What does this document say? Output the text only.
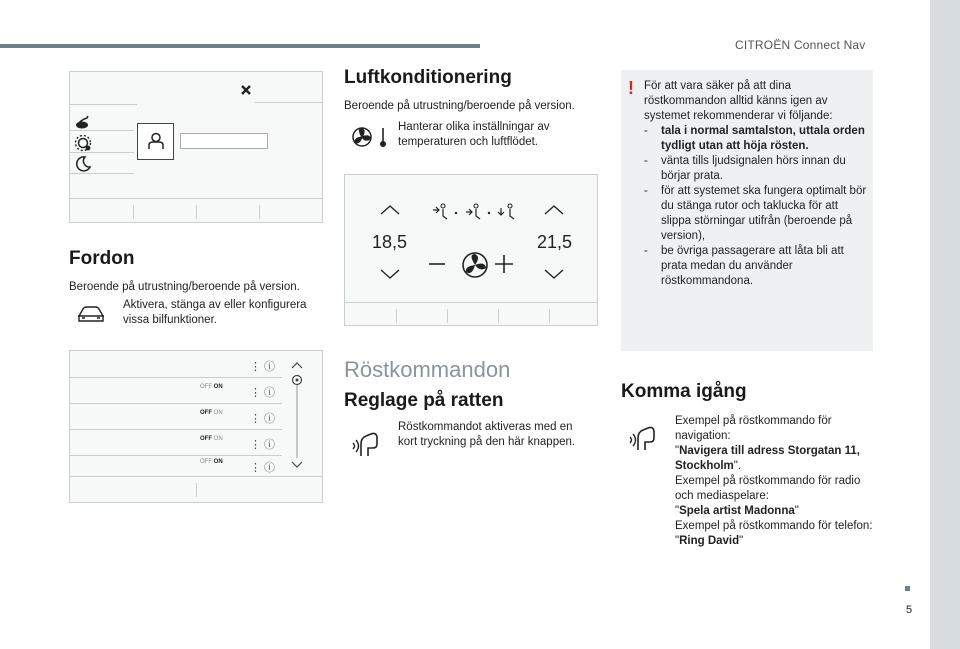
CITROËN Connect Nav
5
Fordon
Beroende på utrustning/beroende på version.
Aktivera, stänga av eller konfigurera vissa bilfunktioner.
⋮ ⓘ
⋮ ⓘ
⋮ ⓘ
⋮ ⓘ
⋮ ⓘ
OFF ON
OFF ON
OFF ON
OFF ON
Luftkonditionering
Beroende på utrustning/beroende på version.
Hanterar olika inställningar av temperaturen och luftflödet.
18,5	21,5
Röstkommandon
Reglage på ratten
Röstkommandot aktiveras med en kort tryckning på den här knappen.
! För att vara säker på att dina röstkommandon alltid känns igen av systemet rekommenderar vi följande:
- tala i normal samtalston, uttala orden tydligt utan att höja rösten.
- vänta tills ljudsignalen hörs innan du börjar prata.
- för att systemet ska fungera optimalt bör du stänga rutor och taklucka för att slippa störningar utifrån (beroende på version),
- be övriga passagerare att låta bli att prata medan du använder röstkommandona.
Komma igång
Exempel på röstkommando för navigation:
"Navigera till adress Storgatan 11, Stockholm".
Exempel på röstkommando för radio och mediaspelare:
"Spela artist Madonna"
Exempel på röstkommando för telefon:
"Ring David"
